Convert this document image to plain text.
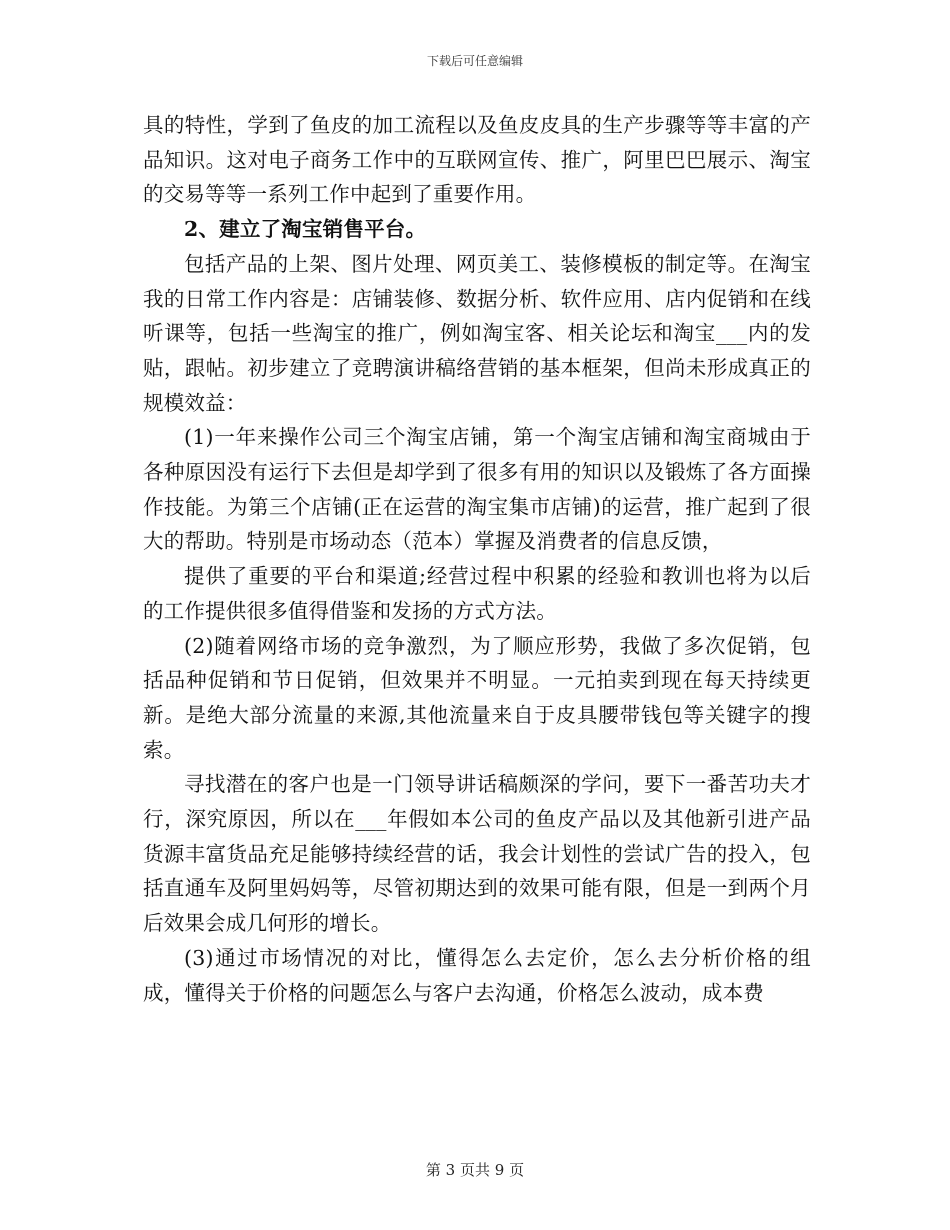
下载后可任意编辑

具的特性，学到了鱼皮的加工流程以及鱼皮皮具的生产步骤等等丰富的产品知识。这对电子商务工作中的互联网宣传、推广，阿里巴巴展示、淘宝的交易等等一系列工作中起到了重要作用。

2、建立了淘宝销售平台。

包括产品的上架、图片处理、网页美工、装修模板的制定等。在淘宝我的日常工作内容是：店铺装修、数据分析、软件应用、店内促销和在线听课等，包括一些淘宝的推广，例如淘宝客、相关论坛和淘宝___内的发贴，跟帖。初步建立了竞聘演讲稿络营销的基本框架，但尚未形成真正的规模效益：

(1)一年来操作公司三个淘宝店铺，第一个淘宝店铺和淘宝商城由于各种原因没有运行下去但是却学到了很多有用的知识以及锻炼了各方面操作技能。为第三个店铺(正在运营的淘宝集市店铺)的运营，推广起到了很大的帮助。特别是市场动态（范本）掌握及消费者的信息反馈，

提供了重要的平台和渠道;经营过程中积累的经验和教训也将为以后的工作提供很多值得借鉴和发扬的方式方法。

(2)随着网络市场的竞争激烈，为了顺应形势，我做了多次促销，包括品种促销和节日促销，但效果并不明显。一元拍卖到现在每天持续更新。是绝大部分流量的来源,其他流量来自于皮具腰带钱包等关键字的搜索。

寻找潜在的客户也是一门领导讲话稿颇深的学问，要下一番苦功夫才行，深究原因，所以在___年假如本公司的鱼皮产品以及其他新引进产品货源丰富货品充足能够持续经营的话，我会计划性的尝试广告的投入，包括直通车及阿里妈妈等，尽管初期达到的效果可能有限，但是一到两个月后效果会成几何形的增长。

(3)通过市场情况的对比，懂得怎么去定价，怎么去分析价格的组成，懂得关于价格的问题怎么与客户去沟通，价格怎么波动，成本费

第 3 页共 9 页
